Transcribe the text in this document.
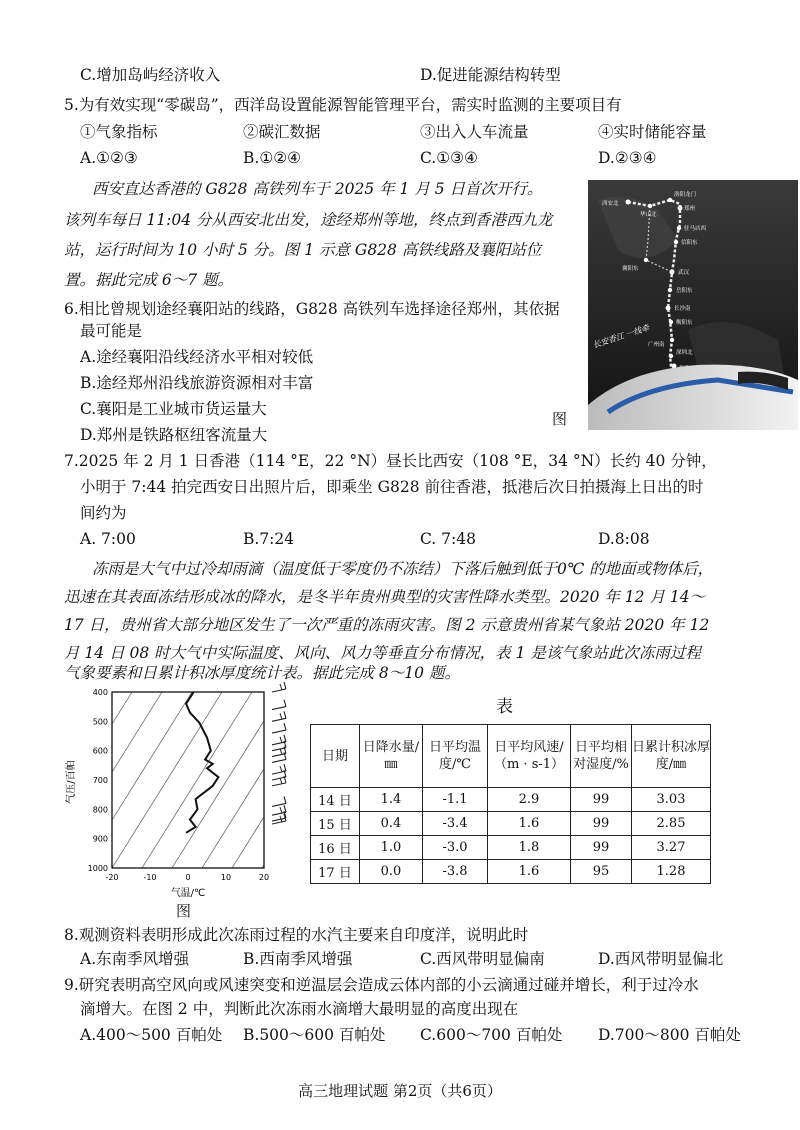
C.增加岛屿经济收入	D.促进能源结构转型
5.为有效实现“零碳岛”，西洋岛设置能源智能管理平台，需实时监测的主要项目有
①气象指标	②碳汇数据	③出入人车流量	④实时储能容量
A.①②③	B.①②④	C.①③④	D.②③④
西安直达香港的 G828 高铁列车于 2025 年 1 月 5 日首次开行。
该列车每日 11:04 分从西安北出发，途经郑州等地，终点到香港西九龙
站，运行时间为 10 小时 5 分。图 1 示意 G828 高铁线路及襄阳站位
置。据此完成 6～7 题。
西安北
华山北
洛阳龙门
郑州
驻马店西
信阳东
襄阳东
武汉
岳阳东
长沙南
衡阳东
广州南
深圳北
长安香江 一线牵
图
6.相比曾规划途经襄阳站的线路，G828 高铁列车选择途径郑州，其依据
最可能是
A.途经襄阳沿线经济水平相对较低
B.途经郑州沿线旅游资源相对丰富
C.襄阳是工业城市货运量大
D.郑州是铁路枢纽客流量大
7.2025 年 2 月 1 日香港（114 °E，22 °N）昼长比西安（108 °E，34 °N）长约 40 分钟，
小明于 7:44 拍完西安日出照片后，即乘坐 G828 前往香港，抵港后次日拍摄海上日出的时
间约为
A. 7:00	B.7:24	C. 7:48	D.8:08
冻雨是大气中过冷却雨滴（温度低于零度仍不冻结）下落后触到低于0℃ 的地面或物体后，
迅速在其表面冻结形成冰的降水，是冬半年贵州典型的灾害性降水类型。2020 年 12 月 14～
17 日，贵州省大部分地区发生了一次严重的冻雨灾害。图 2 示意贵州省某气象站 2020 年 12
月 14 日 08 时大气中实际温度、风向、风力等垂直分布情况，表 1 是该气象站此次冻雨过程
气象要素和日累计积冰厚度统计表。据此完成 8～10 题。
400
500
600
700
800
900
1000
-20	-10	0	10	20
气压/百帕
气温/℃
图
表
日期	日降水量/㎜	日平均温度/℃	日平均风速/（m · s-1）	日平均相对湿度/%	日累计积冰厚度/㎜
14 日	1.4	-1.1	2.9	99	3.03
15 日	0.4	-3.4	1.6	99	2.85
16 日	1.0	-3.0	1.8	99	3.27
17 日	0.0	-3.8	1.6	95	1.28
8.观测资料表明形成此次冻雨过程的水汽主要来自印度洋，说明此时
A.东南季风增强	B.西南季风增强	C.西风带明显偏南	D.西风带明显偏北
9.研究表明高空风向或风速突变和逆温层会造成云体内部的小云滴通过碰并增长，利于过冷水
滴增大。在图 2 中，判断此次冻雨水滴增大最明显的高度出现在
A.400～500 百帕处 B.500～600 百帕处 C.600～700 百帕处 D.700～800 百帕处
高三地理试题 第2页（共6页）
